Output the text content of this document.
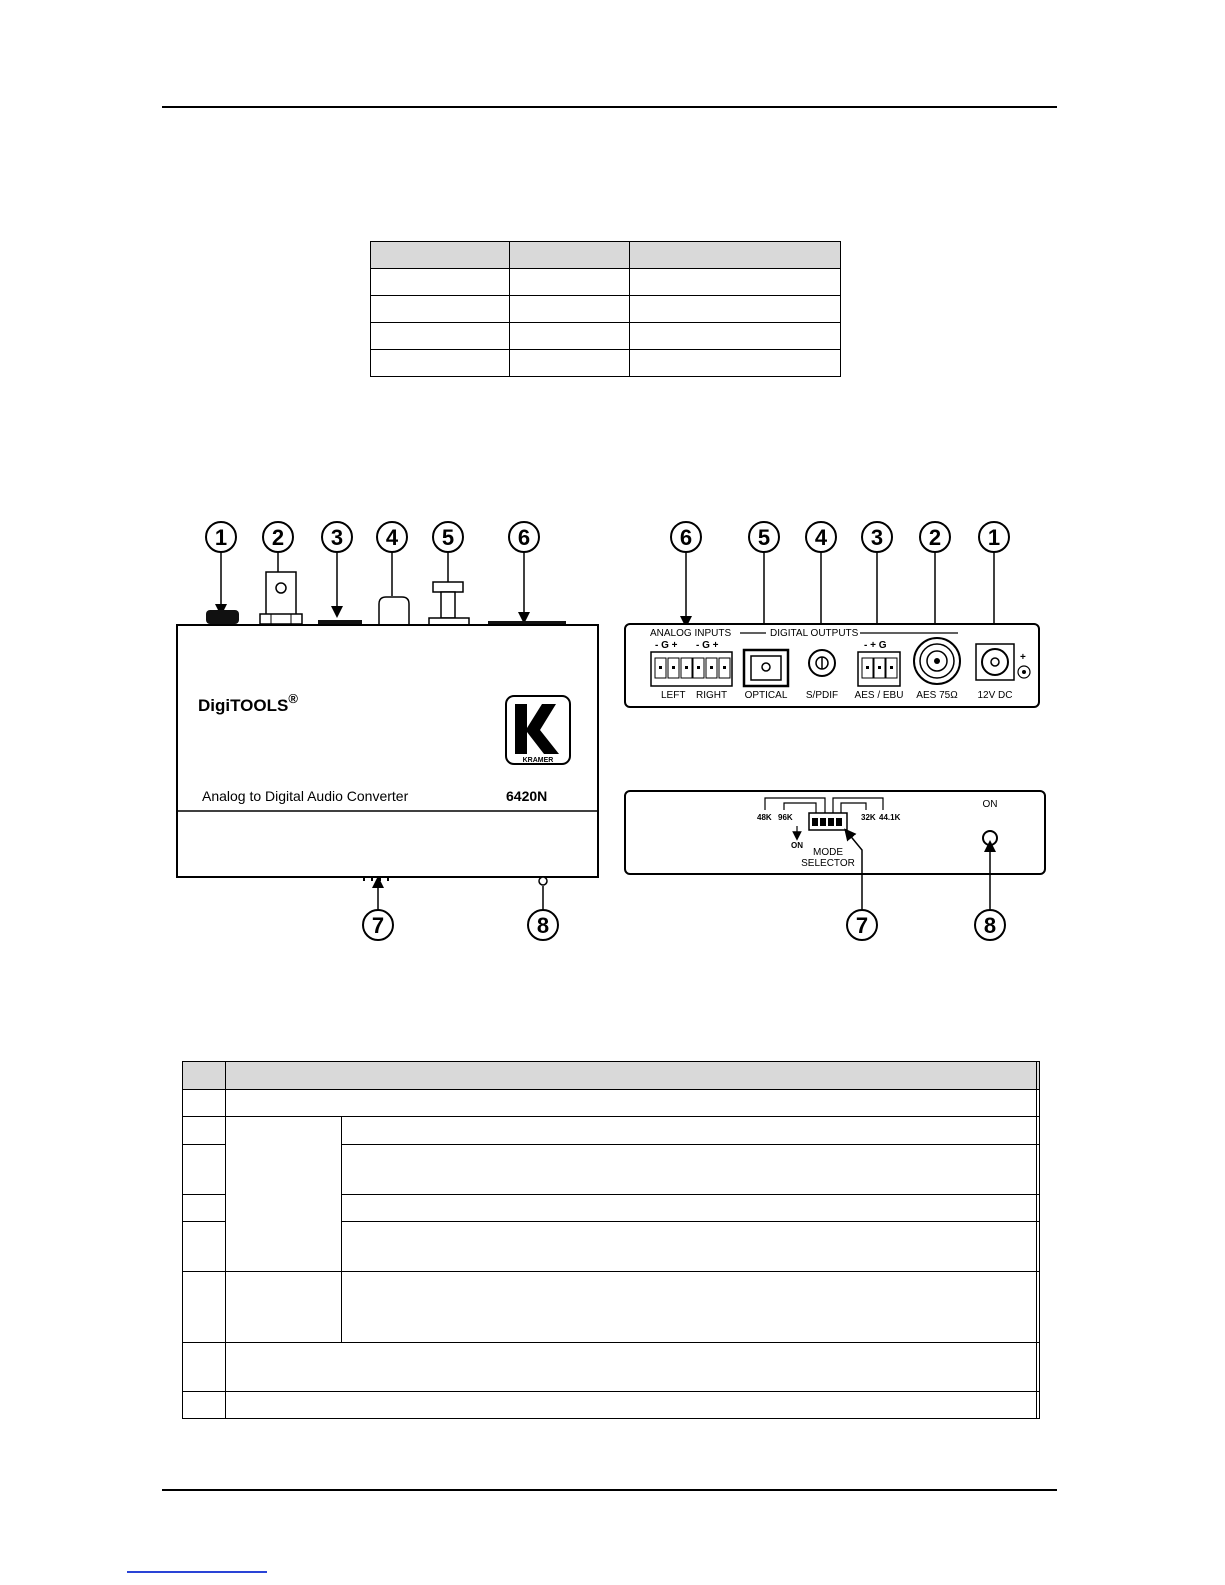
1 2 3 4 5	6
DigiTOOLS®
KRAMER
Analog to Digital Audio Converter	6420N
7	8
6	5 4 3 2 1
ANALOG INPUTS	DIGITAL OUTPUTS
- G + - G +
LEFT RIGHT OPTICAL S/PDIF
- + G
AES / EBU AES 75Ω
+
12V DC
ON
48K 96K
ON
32K 44.1K
MODE
SELECTOR
7	8
